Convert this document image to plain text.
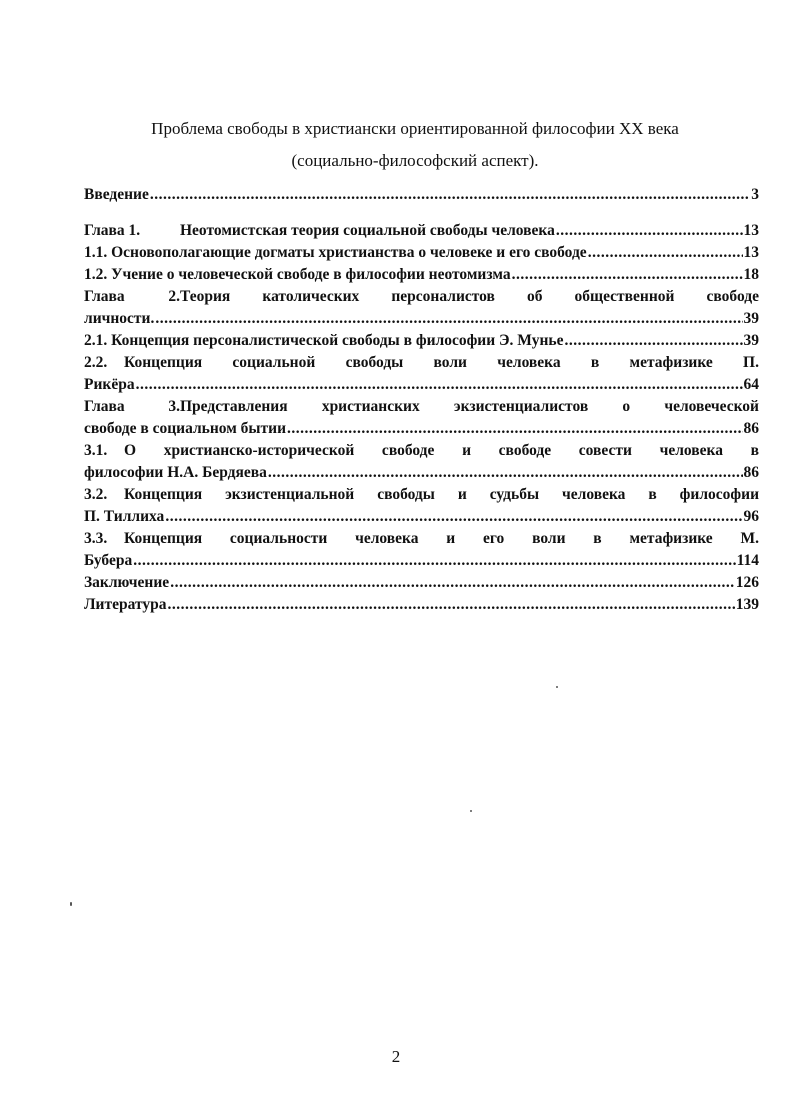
Проблема свободы в христиански ориентированной философии XX века

(социально-философский аспект).

Введение .....	3
Глава 1.	Неотомистская теория социальной свободы человека .....	13
1.1. Основополагающие догматы христианства о человеке и его свободе .....	13
1.2. Учение о человеческой свободе в философии неотомизма .....	18
Глава 2.Теория католических персоналистов об общественной свободе
личности. .....	39
2.1. Концепция персоналистической свободы в философии Э. Мунье .....	39
2.2. Концепция социальной свободы воли человека в метафизике П.
Рикёра .....	64
Глава 3.Представления христианских экзистенциалистов о человеческой
свободе в социальном бытии .....	86
3.1. О христианско-исторической свободе и свободе совести человека в
философии Н.А. Бердяева .....	86
3.2. Концепция экзистенциальной свободы и судьбы человека в философии
П. Тиллиха .....	96
3.3. Концепция социальности человека и его воли в метафизике М.
Бубера .....	114
Заключение .....	126
Литература .....	139
2
